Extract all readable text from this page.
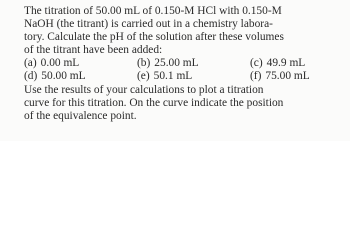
The titration of 50.00 mL of 0.150-M HCl with 0.150-M
NaOH (the titrant) is carried out in a chemistry labora-
tory. Calculate the pH of the solution after these volumes
of the titrant have been added:
(a) 0.00 mL	(b) 25.00 mL	(c) 49.9 mL
(d) 50.00 mL	(e) 50.1 mL	(f) 75.00 mL
Use the results of your calculations to plot a titration
curve for this titration. On the curve indicate the position
of the equivalence point.
